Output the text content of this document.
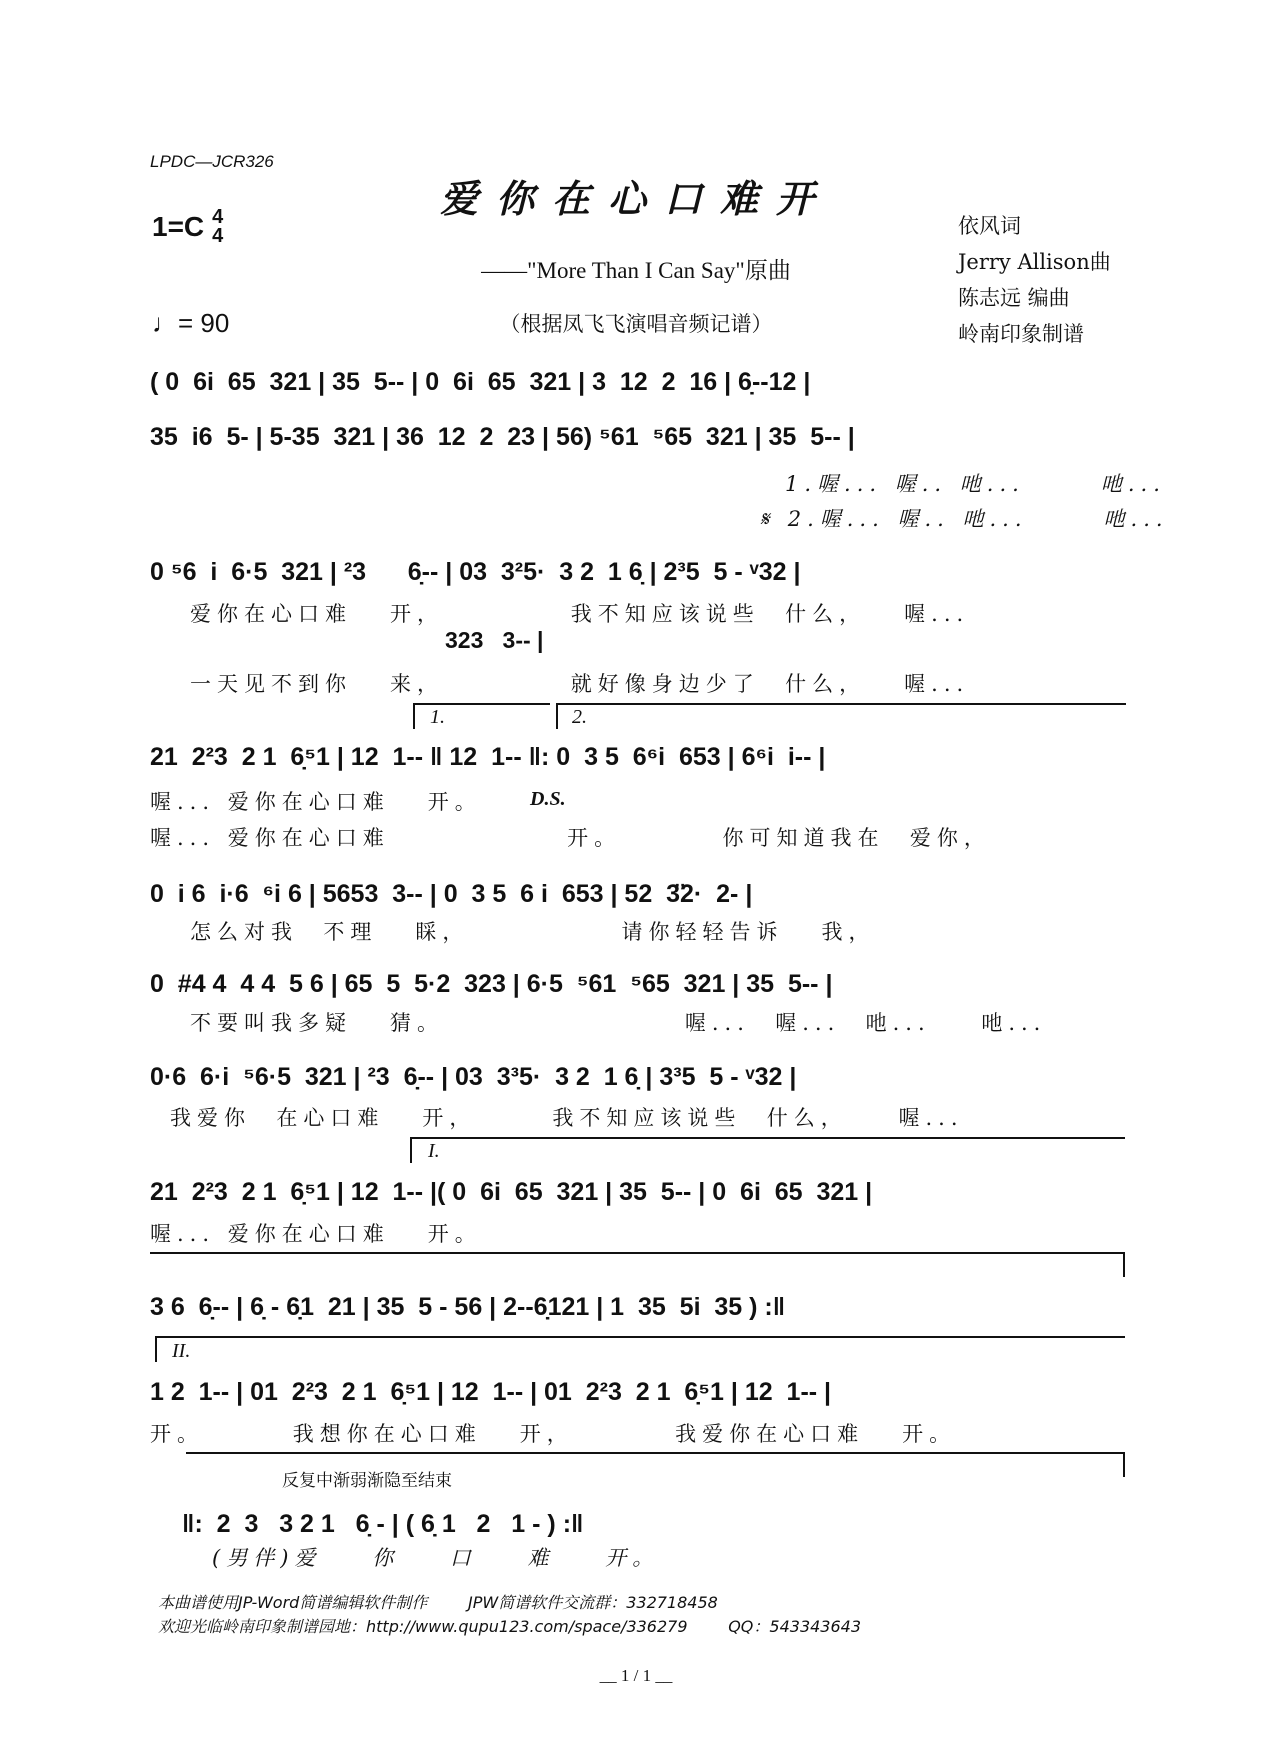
LPDC—JCR326
爱你在心口难开
1=C 4
4
——"More Than I Can Say"原曲
（根据凤飞飞演唱音频记谱）
♩= 90
依风词
Jerry Allison曲
陈志远 编曲
岭南印象制谱
( 0  6i  65  321 | 35  5-- | 0  6i  65  321 | 3  12  2  16 | 6̣--12 |
35  i6  5- | 5-35  321 | 36  12  2  23 | 56) ⁵61  ⁵65  321 | 35  5-- |
1.喔... 喔.. 吔...      吔...
𝄋 2.喔... 喔.. 吔...      吔...
0 ⁵6  i  6·5  321 | ²3      6̣-- | 03  3²5·  3 2  1 6̣ | 2³5  5 - ᵛ32 |
爱你在心口难   开，          我不知应该说些  什么，   喔...
323   3-- |
一天见不到你   来，          就好像身边少了  什么，   喔...
1.	2.
21  2²3  2 1  6̣⁵1 | 12  1-- ‖ 12  1-- ‖: 0  3 5  6⁶i  653 | 6⁶i  i-- |
喔... 爱你在心口难   开。	D.S.
喔... 爱你在心口难              开。        你可知道我在  爱你，
0  i 6  i·6  ⁶i 6 | 5653  3-- | 0  3 5  6 i  653 | 52  3̈2·  2- |
怎么对我  不理   睬，            请你轻轻告诉   我，
0  #4 4  4 4  5 6 | 65  5  5·2  323 | 6·5  ⁵61  ⁵65  321 | 35  5-- |
不要叫我多疑   猜。                   喔...  喔...  吔...    吔...
0·6  6·i  ⁵6·5  321 | ²3  6̣-- | 03  3³5·  3 2  1 6̣ | 3³5  5 - ᵛ32 |
我爱你  在心口难   开，      我不知应该说些  什么，    喔...
I.
21  2²3  2 1  6̣⁵1 | 12  1-- |( 0  6i  65  321 | 35  5-- | 0  6i  65  321 |
喔... 爱你在心口难   开。
3 6  6̣-- | 6̣ - 6̣1  21 | 35  5 - 56 | 2--6̣121 | 1  35  5i  35 ) :‖
II.
1 2  1-- | 01  2²3  2 1  6̣⁵1 | 12  1-- | 01  2²3  2 1  6̣⁵1 | 12  1-- |
开。       我想你在心口难   开，        我爱你在心口难   开。
反复中渐弱渐隐至结束
‖:  2  3   3 2 1   6̣ - | ( 6̣ 1   2   1 - ) :‖
(男伴)爱    你    口    难    开。
本曲谱使用JP-Word简谱编辑软件制作        JPW简谱软件交流群：332718458
欢迎光临岭南印象制谱园地：http://www.qupu123.com/space/336279        QQ：543343643
__ 1 / 1 __
